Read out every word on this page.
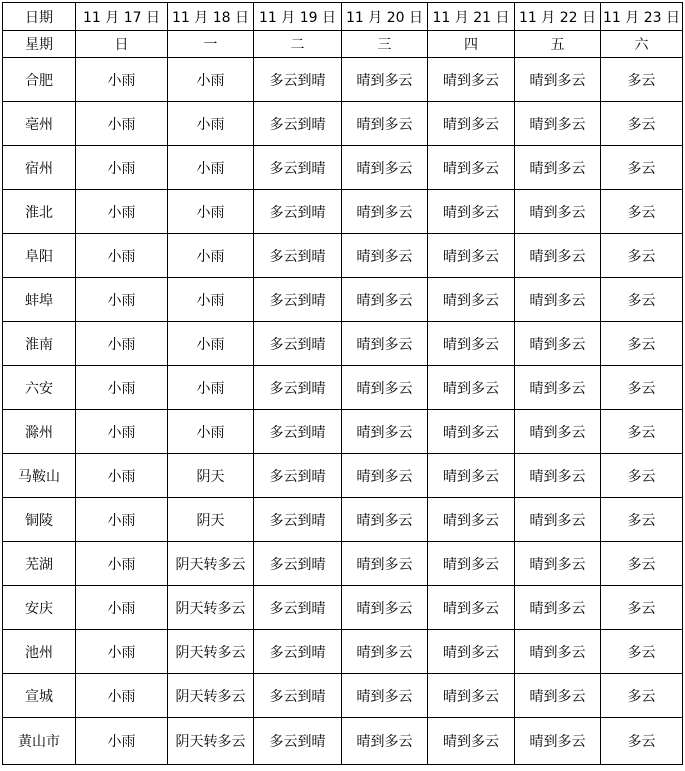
日期	11 月 17 日	11 月 18 日	11 月 19 日	11 月 20 日	11 月 21 日	11 月 22 日	11 月 23 日
星期	日	一	二	三	四	五	六
合肥	小雨	小雨	多云到晴	晴到多云	晴到多云	晴到多云	多云
亳州	小雨	小雨	多云到晴	晴到多云	晴到多云	晴到多云	多云
宿州	小雨	小雨	多云到晴	晴到多云	晴到多云	晴到多云	多云
淮北	小雨	小雨	多云到晴	晴到多云	晴到多云	晴到多云	多云
阜阳	小雨	小雨	多云到晴	晴到多云	晴到多云	晴到多云	多云
蚌埠	小雨	小雨	多云到晴	晴到多云	晴到多云	晴到多云	多云
淮南	小雨	小雨	多云到晴	晴到多云	晴到多云	晴到多云	多云
六安	小雨	小雨	多云到晴	晴到多云	晴到多云	晴到多云	多云
滁州	小雨	小雨	多云到晴	晴到多云	晴到多云	晴到多云	多云
马鞍山	小雨	阴天	多云到晴	晴到多云	晴到多云	晴到多云	多云
铜陵	小雨	阴天	多云到晴	晴到多云	晴到多云	晴到多云	多云
芜湖	小雨	阴天转多云	多云到晴	晴到多云	晴到多云	晴到多云	多云
安庆	小雨	阴天转多云	多云到晴	晴到多云	晴到多云	晴到多云	多云
池州	小雨	阴天转多云	多云到晴	晴到多云	晴到多云	晴到多云	多云
宣城	小雨	阴天转多云	多云到晴	晴到多云	晴到多云	晴到多云	多云
黄山市	小雨	阴天转多云	多云到晴	晴到多云	晴到多云	晴到多云	多云
